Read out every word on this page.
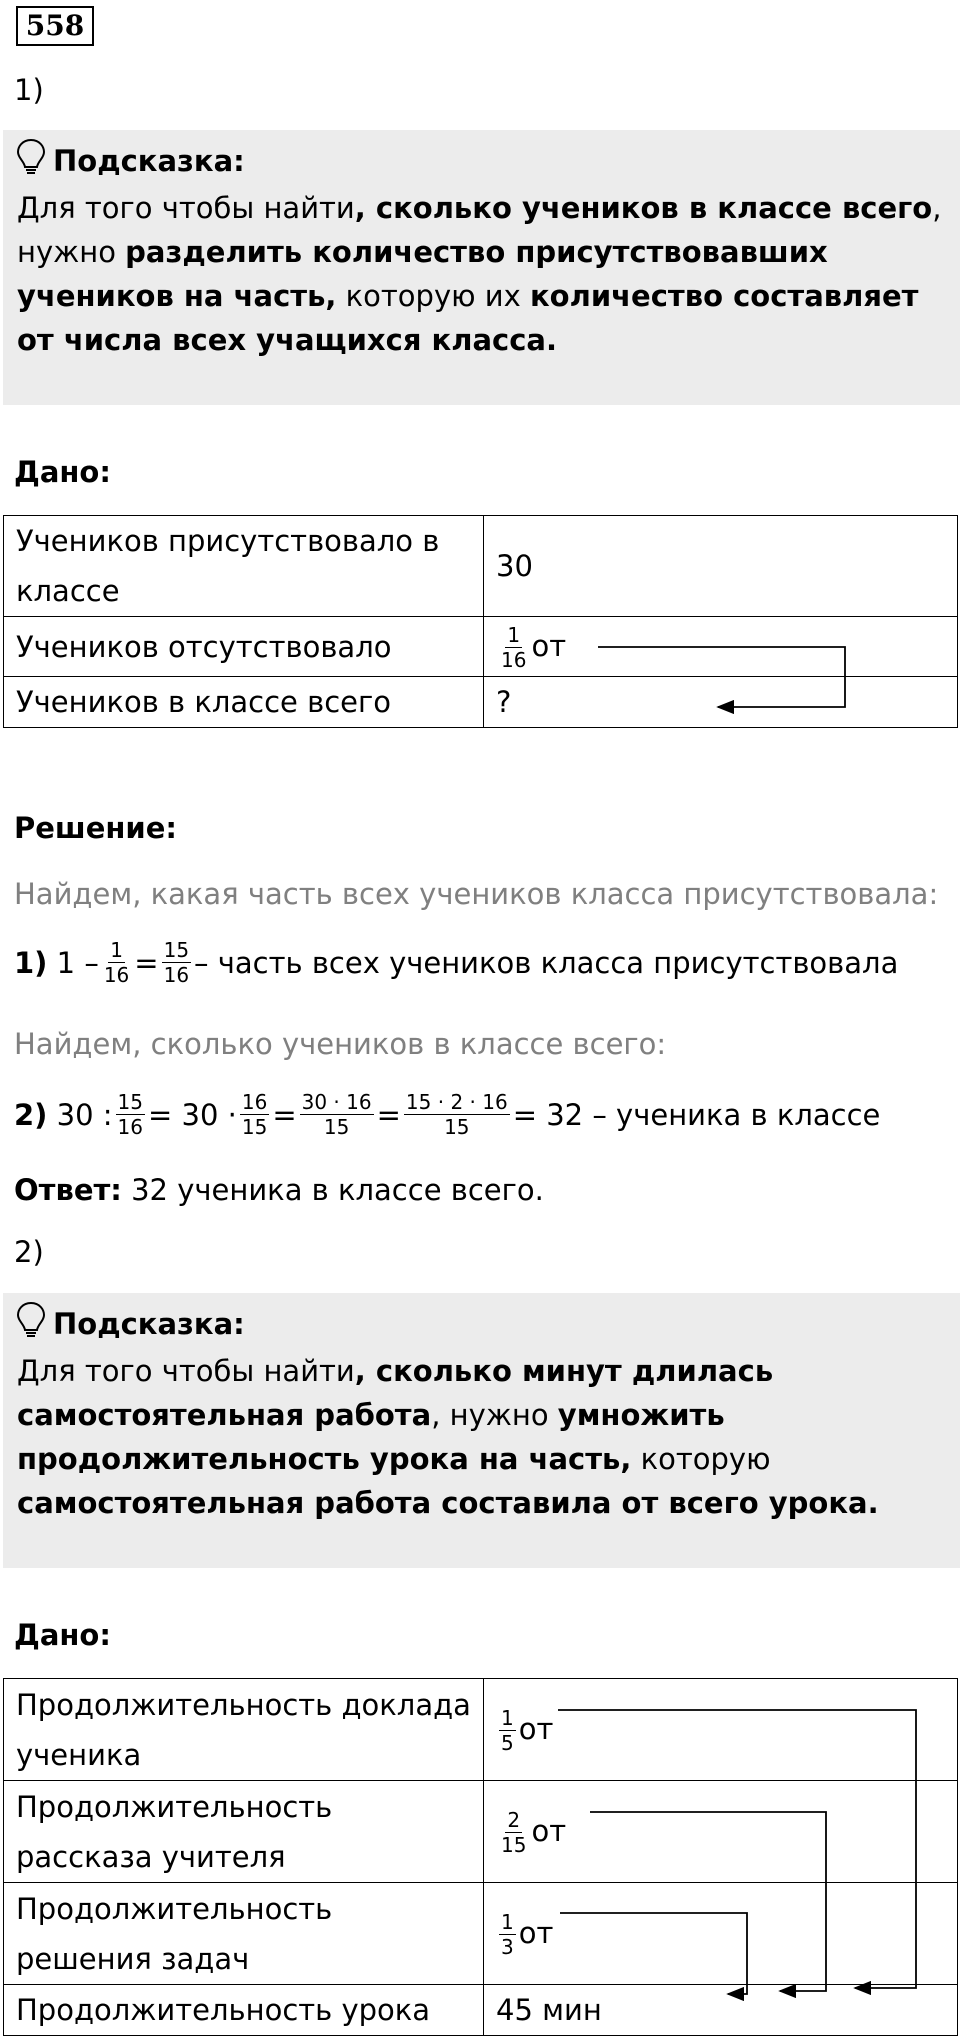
558
1)
Подсказка:
Для того чтобы найти, сколько учеников в классе всего, нужно разделить количество присутствовавших учеников на часть, которую их количество составляет от числа всех учащихся класса.
Дано:
Учеников присутствовало в классе	30
Учеников отсутствовало	$\frac{1}{16}$ от
Учеников в классе всего	?
Решение:
Найдем, какая часть всех учеников класса присутствовала:
1)
$1 - \frac{1}{16} = \frac{15}{16}$ – часть всех учеников класса присутствовала
Найдем, сколько учеников в классе всего:
2)
30 : $\frac{15}{16} = 30 \cdot \frac{16}{15} = \frac{30 \cdot 16}{15} = \frac{15 \cdot 2 \cdot 16}{15} = 32$ – ученика в классе
Ответ: 32 ученика в классе всего.
2)
Подсказка:
Для того чтобы найти, сколько минут длилась самостоятельная работа, нужно умножить продолжительность урока на часть, которую самостоятельная работа составила от всего урока.
Дано:
Продолжительность доклада ученика	$\frac{1}{5}$ от
Продолжительность рассказа учителя	$\frac{2}{15}$ от
Продолжительность решения задач	$\frac{1}{3}$ от
Продолжительность урока	45 мин
